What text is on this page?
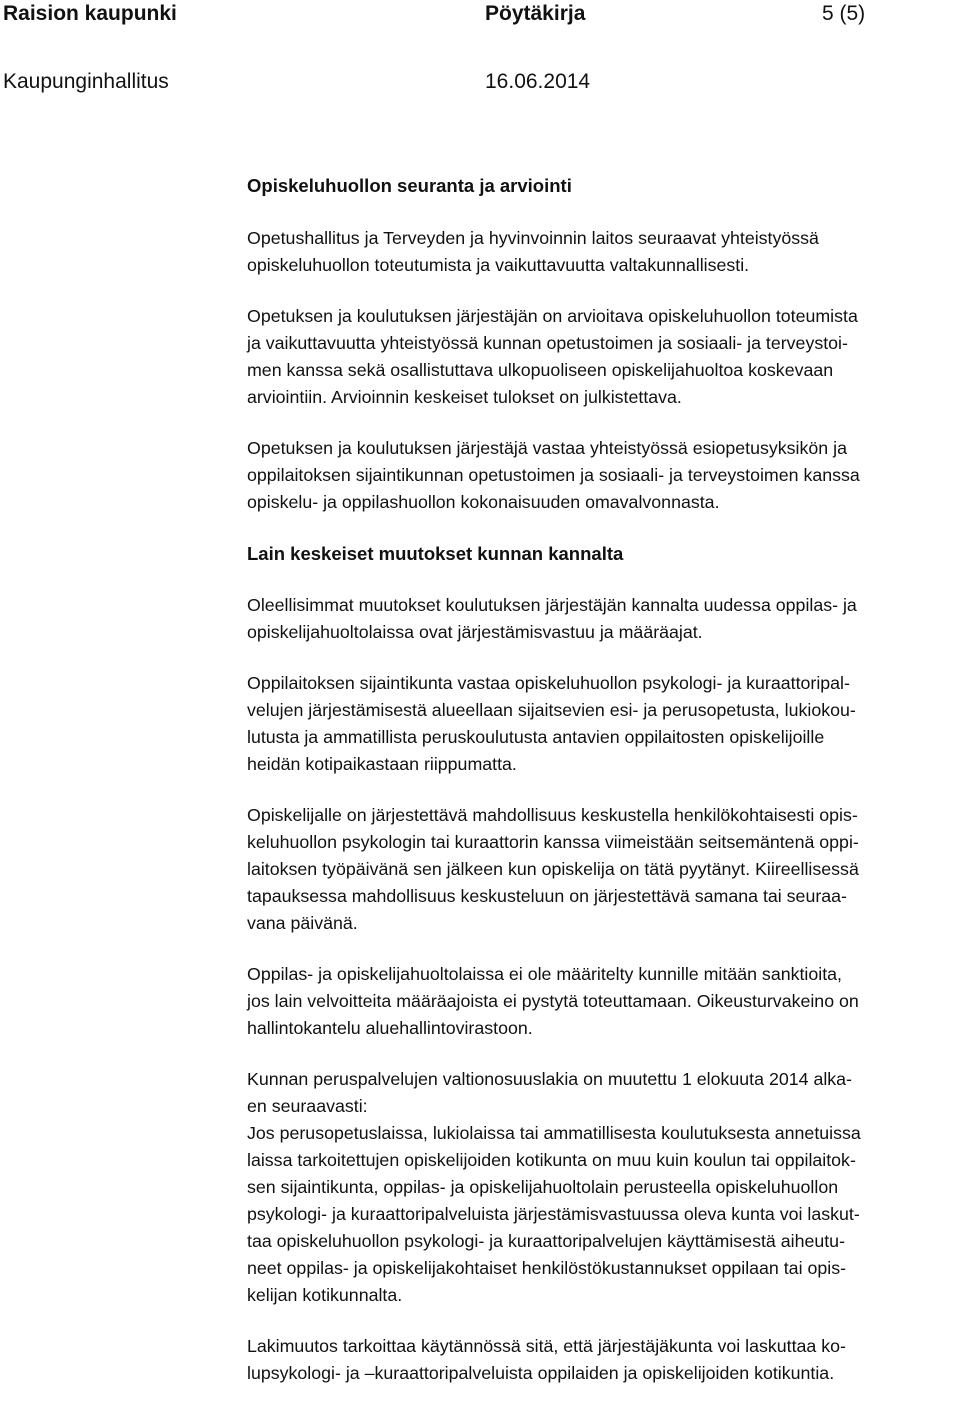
Raision kaupunki	Pöytäkirja	5 (5)
Kaupunginhallitus	16.06.2014
Opiskeluhuollon seuranta ja arviointi
Opetushallitus ja Terveyden ja hyvinvoinnin laitos seuraavat yhteistyössä
opiskeluhuollon toteutumista ja vaikuttavuutta valtakunnallisesti.
Opetuksen ja koulutuksen järjestäjän on arvioitava opiskeluhuollon toteumista
ja vaikuttavuutta yhteistyössä kunnan opetustoimen ja sosiaali- ja terveystoi-
men kanssa sekä osallistuttava ulkopuoliseen opiskelijahuoltoa koskevaan
arviointiin. Arvioinnin keskeiset tulokset on julkistettava.
Opetuksen ja koulutuksen järjestäjä vastaa yhteistyössä esiopetusyksikön ja
oppilaitoksen sijaintikunnan opetustoimen ja sosiaali- ja terveystoimen kanssa
opiskelu- ja oppilashuollon kokonaisuuden omavalvonnasta.
Lain keskeiset muutokset kunnan kannalta
Oleellisimmat muutokset koulutuksen järjestäjän kannalta uudessa oppilas- ja
opiskelijahuoltolaissa ovat järjestämisvastuu ja määräajat.
Oppilaitoksen sijaintikunta vastaa opiskeluhuollon psykologi- ja kuraattoripal-
velujen järjestämisestä alueellaan sijaitsevien esi- ja perusopetusta, lukiokou-
lutusta ja ammatillista peruskoulutusta antavien oppilaitosten opiskelijoille
heidän kotipaikastaan riippumatta.
Opiskelijalle on järjestettävä mahdollisuus keskustella henkilökohtaisesti opis-
keluhuollon psykologin tai kuraattorin kanssa viimeistään seitsemäntenä oppi-
laitoksen työpäivänä sen jälkeen kun opiskelija on tätä pyytänyt. Kiireellisessä
tapauksessa mahdollisuus keskusteluun on järjestettävä samana tai seuraa-
vana päivänä.
Oppilas- ja opiskelijahuoltolaissa ei ole määritelty kunnille mitään sanktioita,
jos lain velvoitteita määräajoista ei pystytä toteuttamaan. Oikeusturvakeino on
hallintokantelu aluehallintovirastoon.
Kunnan peruspalvelujen valtionosuuslakia on muutettu 1 elokuuta 2014 alka-
en seuraavasti:
Jos perusopetuslaissa, lukiolaissa tai ammatillisesta koulutuksesta annetuissa
laissa tarkoitettujen opiskelijoiden kotikunta on muu kuin koulun tai oppilaitok-
sen sijaintikunta, oppilas- ja opiskelijahuoltolain perusteella opiskeluhuollon
psykologi- ja kuraattoripalveluista järjestämisvastuussa oleva kunta voi laskut-
taa opiskeluhuollon psykologi- ja kuraattoripalvelujen käyttämisestä aiheutu-
neet oppilas- ja opiskelijakohtaiset henkilöstökustannukset oppilaan tai opis-
kelijan kotikunnalta.
Lakimuutos tarkoittaa käytännössä sitä, että järjestäjäkunta voi laskuttaa ko-
lupsykologi- ja –kuraattoripalveluista oppilaiden ja opiskelijoiden kotikuntia.
